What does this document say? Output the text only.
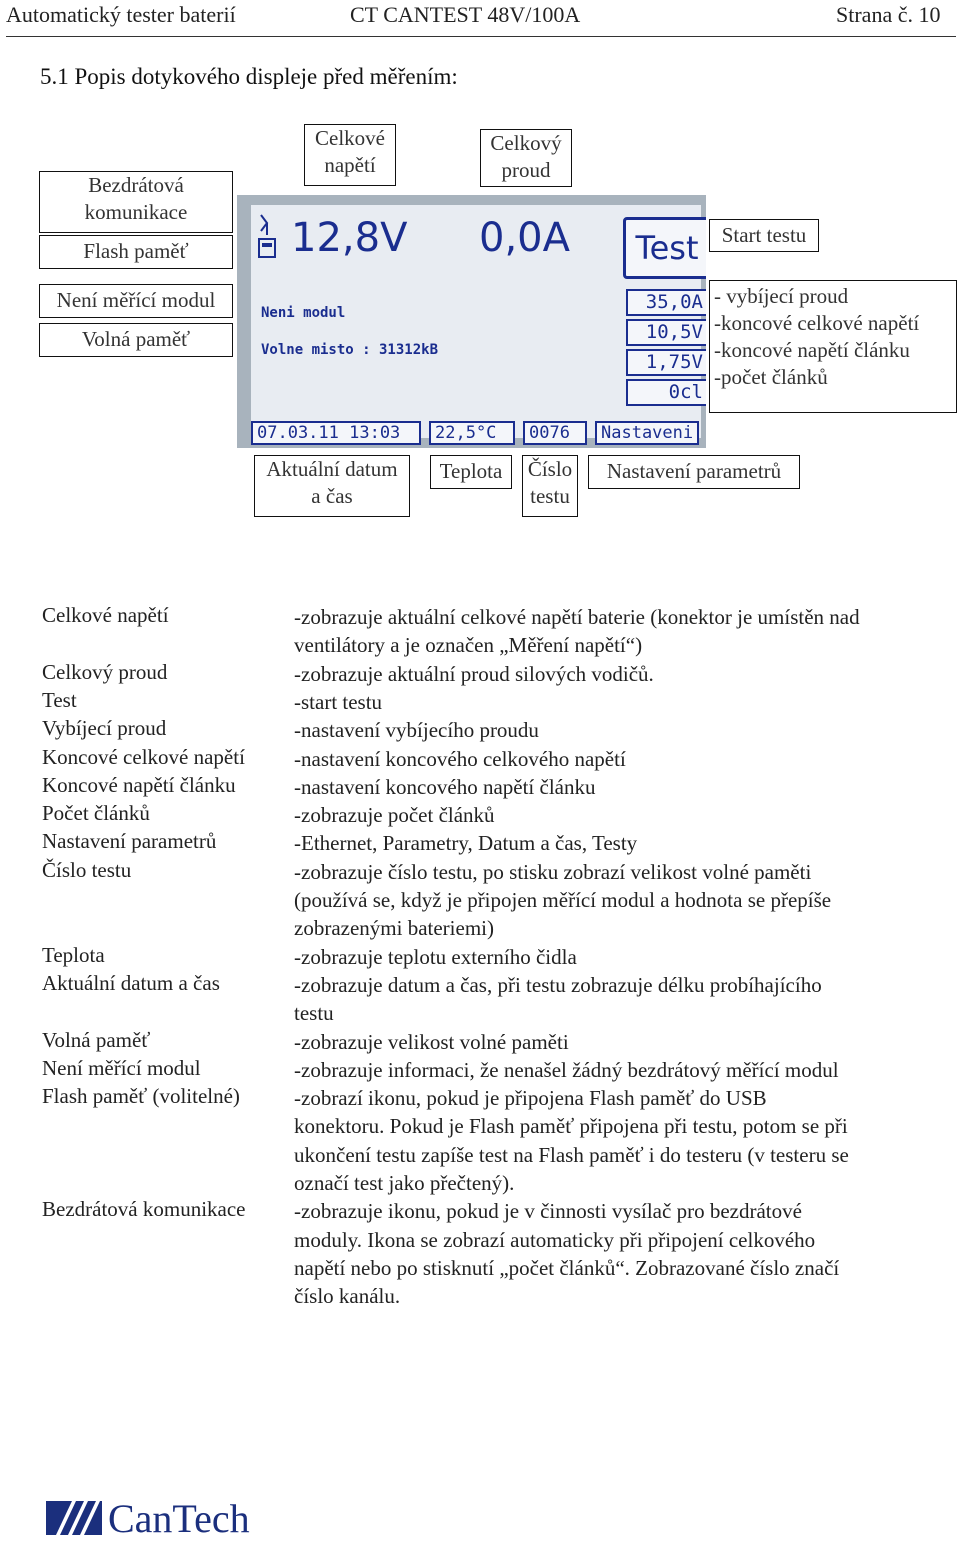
Automatický tester baterií	CT CANTEST 48V/100A	Strana č. 10
5.1 Popis dotykového displeje před měřením:
Bezdrátová
komunikace
Flash paměť
Není měřící modul
Volná paměť
Celkové
napětí
Celkový
proud
Start testu
- vybíjecí proud
-koncové celkové napětí
-koncové napětí článku
-počet článků
12,8V 0,0A	Test
Neni modul
Volne misto : 31312kB
35,0A
10,5V
1,75V
0cl
07.03.11 13:03	22,5°C	0076	Nastaveni
Aktuální datum
a čas
Teplota	Číslo
testu
Nastavení parametrů
Celkové napětí	-zobrazuje aktuální celkové napětí baterie (konektor je umístěn nad
ventilátory a je označen „Měření napětí“)
Celkový proud	-zobrazuje aktuální proud silových vodičů.
Test	-start testu
Vybíjecí proud	-nastavení vybíjecího proudu
Koncové celkové napětí -nastavení koncového celkového napětí
Koncové napětí článku	-nastavení koncového napětí článku
Počet článků	-zobrazuje počet článků
Nastavení parametrů	-Ethernet, Parametry, Datum a čas, Testy
Číslo testu	-zobrazuje číslo testu, po stisku zobrazí velikost volné paměti
(používá se, když je připojen měřící modul a hodnota se přepíše
zobrazenými bateriemi)
Teplota	-zobrazuje teplotu externího čidla
Aktuální datum a čas	-zobrazuje datum a čas, při testu zobrazuje délku probíhajícího
testu
Volná paměť	-zobrazuje velikost volné paměti
Není měřící modul	-zobrazuje informaci, že nenašel žádný bezdrátový měřící modul
Flash paměť (volitelné)	-zobrazí ikonu, pokud je připojena Flash paměť do USB
konektoru. Pokud je Flash paměť připojena při testu, potom se při
ukončení testu zapíše test na Flash paměť i do testeru (v testeru se
označí test jako přečtený).
Bezdrátová komunikace -zobrazuje ikonu, pokud je v činnosti vysílač pro bezdrátové
moduly. Ikona se zobrazí automaticky při připojení celkového
napětí nebo po stisknutí „počet článků“. Zobrazované číslo značí
číslo kanálu.
CanTech
